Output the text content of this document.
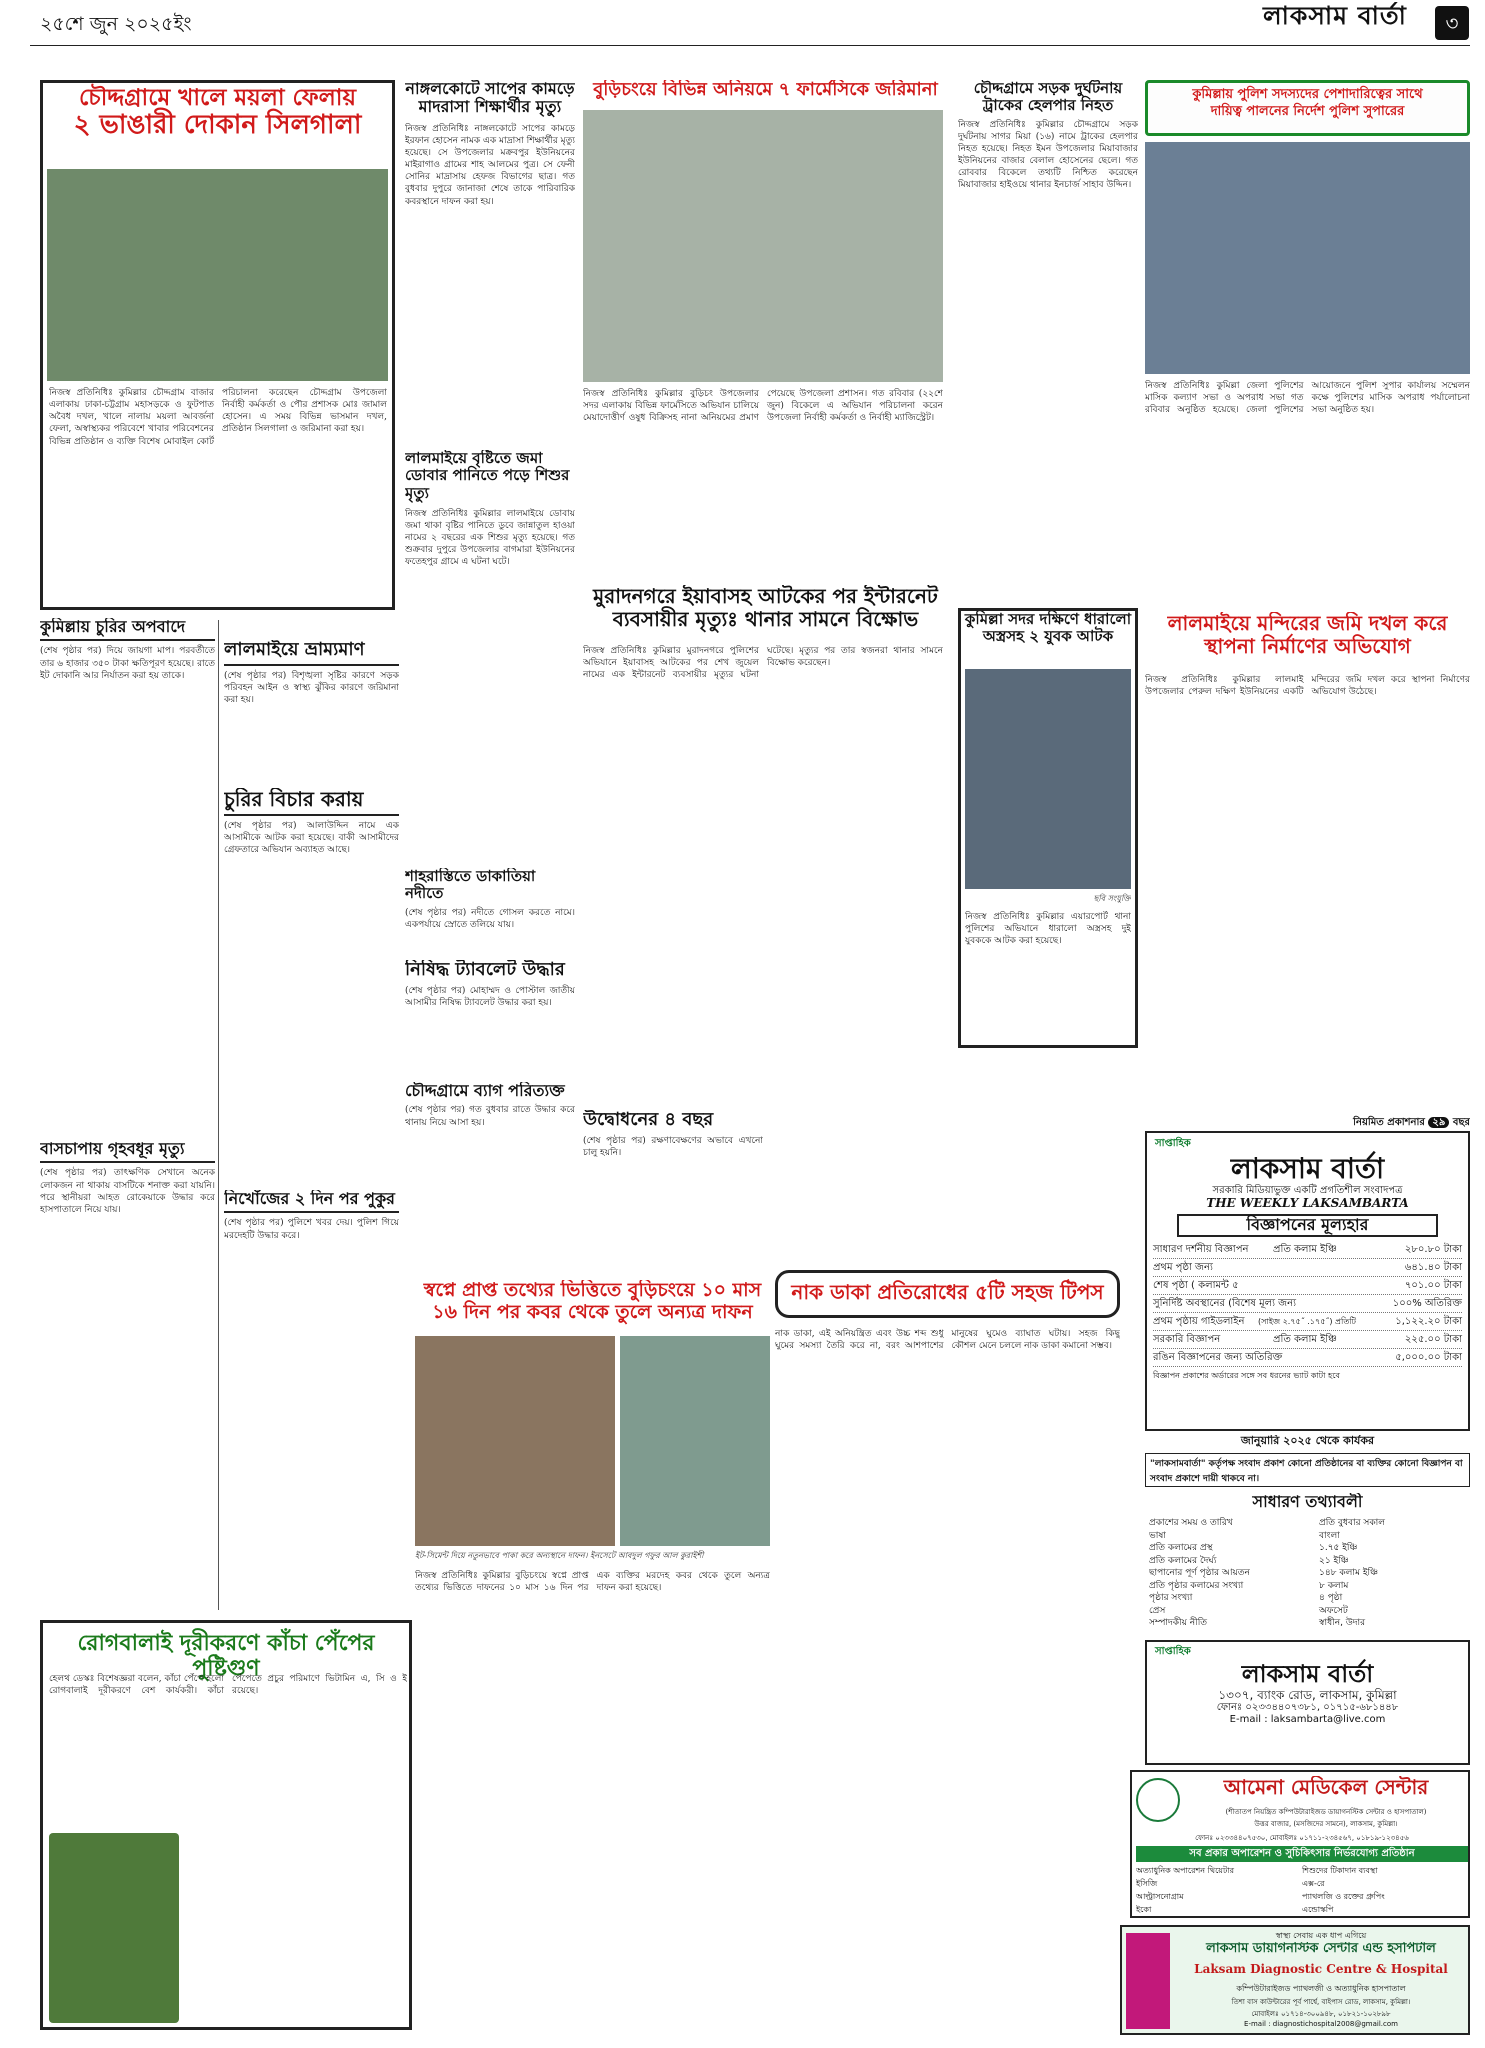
২৫শে জুন ২০২৫ইং	লাকসাম বার্তা	৩
চৌদ্দগ্রামে খালে ময়লা ফেলায়
২ ভাঙারী দোকান সিলগালা
নিজস্ব প্রতিনিধিঃ কুমিল্লার চৌদ্দগ্রাম বাজার এলাকায় ঢাকা-চট্টগ্রাম মহাসড়কে ও ফুটপাত অবৈধ দখল, খালে নালায় ময়লা আবর্জনা ফেলা, অস্বাস্থ্যকর পরিবেশে খাবার পরিবেশনের বিভিন্ন প্রতিষ্ঠান ও ব্যক্তি বিশেষ মোবাইল কোর্ট পরিচালনা করেছেন চৌদ্দগ্রাম উপজেলা নির্বাহী কর্মকর্তা ও পৌর প্রশাসক মোঃ জামাল হোসেন। এ সময় বিভিন্ন ভাসমান দখল, প্রতিষ্ঠান সিলগালা ও জরিমানা করা হয়।
কুমিল্লায় চুরির অপবাদে
(শেষ পৃষ্ঠার পর) দিয়ে জায়গা মাপ। পরবর্তীতে তার ৬ হাজার ৩৫০ টাকা ক্ষতিপূরণ হয়েছে। রাতে ইট দোকানি আর নির্যাতন করা হয় তাকে।
বাসচাপায় গৃহবধূর মৃত্যু
(শেষ পৃষ্ঠার পর) তাৎক্ষণিক সেখানে অনেক লোকজন না থাকায় বাসটিকে শনাক্ত করা যায়নি। পরে স্থানীয়রা আহত রোকেয়াকে উদ্ধার করে হাসপাতালে নিয়ে যায়।
লালমাইয়ে ভ্রাম্যমাণ
(শেষ পৃষ্ঠার পর) বিশৃঙ্খলা সৃষ্টির কারণে সড়ক পরিবহন আইন ও স্বাস্থ্য ঝুঁকির কারণে জরিমানা করা হয়।
চুরির বিচার করায়
(শেষ পৃষ্ঠার পর) আলাউদ্দিন নামে এক আসামীকে আটক করা হয়েছে। বাকী আসামীদের গ্রেফতারে অভিযান অব্যাহত আছে।
নিখোঁজের ২ দিন পর পুকুর
(শেষ পৃষ্ঠার পর) পুলিশে খবর দেয়। পুলিশ গিয়ে মরদেহটি উদ্ধার করে।
রোগবালাই দূরীকরণে কাঁচা পেঁপের পুষ্টিগুণ
হেলথ ডেস্কঃ বিশেষজ্ঞরা বলেন, কাঁচা পেঁপে হলো রোগবালাই দূরীকরণে বেশ কার্যকরী। কাঁচা পেঁপেতে প্রচুর পরিমাণে ভিটামিন এ, সি ও ই রয়েছে।
নাঙ্গলকোটে সাপের কামড়ে মাদরাসা শিক্ষার্থীর মৃত্যু
নিজস্ব প্রতিনিধিঃ নাঙ্গলকোটে সাপের কামড়ে ইরফান হোসেন নামক এক মাদ্রাসা শিক্ষার্থীর মৃত্যু হয়েছে। সে উপজেলার মক্রবপুর ইউনিয়নের মাইরাগাও গ্রামের শাহ আলমের পুত্র। সে ফেনী সোনির মাদ্রাসায় হেফজ বিভাগের ছাত্র। গত বুধবার দুপুরে জানাজা শেষে তাকে পারিবারিক কবরস্থানে দাফন করা হয়।
লালমাইয়ে বৃষ্টিতে জমা ডোবার পানিতে পড়ে শিশুর মৃত্যু
নিজস্ব প্রতিনিধিঃ কুমিল্লার লালমাইয়ে ডোবায় জমা থাকা বৃষ্টির পানিতে ডুবে জান্নাতুল হাওয়া নামের ২ বছরের এক শিশুর মৃত্যু হয়েছে। গত শুক্রবার দুপুরে উপজেলার বাগমারা ইউনিয়নের ফতেহপুর গ্রামে এ ঘটনা ঘটে।
শাহরাস্তিতে ডাকাতিয়া নদীতে
(শেষ পৃষ্ঠার পর) নদীতে গোসল করতে নামে। একপর্যায়ে স্রোতে তলিয়ে যায়।
নিষিদ্ধ ট্যাবলেট উদ্ধার
(শেষ পৃষ্ঠার পর) মোহাম্মদ ও পোস্টাল জাতীয় আসামীর নিষিদ্ধ ট্যাবলেট উদ্ধার করা হয়।
চৌদ্দগ্রামে ব্যাগ পরিত্যক্ত
(শেষ পৃষ্ঠার পর) গত বুধবার রাতে উদ্ধার করে থানায় নিয়ে আসা হয়।
বুড়িচংয়ে বিভিন্ন অনিয়মে ৭ ফার্মেসিকে জরিমানা
নিজস্ব প্রতিনিধিঃ কুমিল্লার বুড়িচং উপজেলার সদর এলাকায় বিভিন্ন ফার্মেসিতে অভিযান চালিয়ে মেয়াদোত্তীর্ণ ওষুধ বিক্রিসহ নানা অনিয়মের প্রমাণ পেয়েছে উপজেলা প্রশাসন। গত রবিবার (২২শে জুন) বিকেলে এ অভিযান পরিচালনা করেন উপজেলা নির্বাহী কর্মকর্তা ও নির্বাহী ম্যাজিস্ট্রেট।
মুরাদনগরে ইয়াবাসহ আটকের পর ইন্টারনেট ব্যবসায়ীর মৃত্যুঃ থানার সামনে বিক্ষোভ
নিজস্ব প্রতিনিধিঃ কুমিল্লার মুরাদনগরে পুলিশের অভিযানে ইয়াবাসহ আটকের পর শেখ জুয়েল নামের এক ইন্টারনেট ব্যবসায়ীর মৃত্যুর ঘটনা ঘটেছে। মৃত্যুর পর তার স্বজনরা থানার সামনে বিক্ষোভ করেছেন।
উদ্বোধনের ৪ বছর
(শেষ পৃষ্ঠার পর) রক্ষণাবেক্ষণের অভাবে এখনো চালু হয়নি।
স্বপ্নে প্রাপ্ত তথ্যের ভিত্তিতে বুড়িচংয়ে ১০ মাস
১৬ দিন পর কবর থেকে তুলে অন্যত্র দাফন
ইট-সিমেন্ট দিয়ে নতুনভাবে পাকা করে অন্যস্থানে দাফন। ইনসেটে আবদুল গফুর আল কুরাইশী
নিজস্ব প্রতিনিধিঃ কুমিল্লার বুড়িচংয়ে স্বপ্নে প্রাপ্ত তথ্যের ভিত্তিতে দাফনের ১০ মাস ১৬ দিন পর এক ব্যক্তির মরদেহ কবর থেকে তুলে অন্যত্র দাফন করা হয়েছে।
চৌদ্দগ্রামে সড়ক দুর্ঘটনায়
ট্রাকের হেলপার নিহত
নিজস্ব প্রতিনিধিঃ কুমিল্লার চৌদ্দগ্রামে সড়ক দুর্ঘটনায় সাগর মিয়া (১৬) নামে ট্রাকের হেলপার নিহত হয়েছে। নিহত ইমন উপজেলার মিয়াবাজার ইউনিয়নের বাজার বেলাল হোসেনের ছেলে। গত রোববার বিকেলে তথ্যটি নিশ্চিত করেছেন মিয়াবাজার হাইওয়ে থানার ইনচার্জ সাহাব উদ্দিন।
কুমিল্লা সদর দক্ষিণে ধারালো অস্ত্রসহ ২ যুবক আটক
ছবি সংযুক্তি
নিজস্ব প্রতিনিধিঃ কুমিল্লার এয়ারপোর্ট থানা পুলিশের অভিযানে ধারালো অস্ত্রসহ দুই যুবককে আটক করা হয়েছে।
নাক ডাকা প্রতিরোধের ৫টি সহজ টিপস
নাক ডাকা, এই অনিয়ন্ত্রিত এবং উচ্চ শব্দ শুধু ঘুমের সমস্যা তৈরি করে না, বরং আশপাশের মানুষের ঘুমেও ব্যাঘাত ঘটায়। সহজ কিছু কৌশল মেনে চললে নাক ডাকা কমানো সম্ভব।
কুমিল্লায় পুলিশ সদস্যদের পেশাদারিত্বের সাথে
দায়িত্ব পালনের নির্দেশ পুলিশ সুপারের
নিজস্ব প্রতিনিধিঃ কুমিল্লা জেলা পুলিশের মাসিক কল্যাণ সভা ও অপরাধ সভা গত রবিবার অনুষ্ঠিত হয়েছে। জেলা পুলিশের আয়োজনে পুলিশ সুপার কার্যালয় সম্মেলন কক্ষে পুলিশের মাসিক অপরাধ পর্যালোচনা সভা অনুষ্ঠিত হয়।
লালমাইয়ে মন্দিরের জমি দখল করে স্থাপনা নির্মাণের অভিযোগ
নিজস্ব প্রতিনিধিঃ কুমিল্লার লালমাই উপজেলার পেরুল দক্ষিণ ইউনিয়নের একটি মন্দিরের জমি দখল করে স্থাপনা নির্মাণের অভিযোগ উঠেছে।
নিয়মিত প্রকাশনার ২৯ বছর
সাপ্তাহিক
লাকসাম বার্তা
সরকারি মিডিয়াভুক্ত একটি প্রগতিশীল সংবাদপত্র
THE WEEKLY LAKSAMBARTA
বিজ্ঞাপনের মূল্যহার
সাধারণ দর্শনীয় বিজ্ঞাপন	প্রতি কলাম ইঞ্চি	২৮০.৮০ টাকা
প্রথম পৃষ্ঠা জন্য	৬৪১.৪০ টাকা
শেষ পৃষ্ঠা ( কলামন্ট ৫	৭০১.০০ টাকা
সুনির্দিষ্ট অবস্থানের (বিশেষ মূল্য জন্য	১০০% অতিরিক্ত
প্রথম পৃষ্ঠায় গাইডলাইন	(সাইজ ২.৭৫˝ .১৭৫˝) প্রতিটি	১,১২২.২০ টাকা
সরকারি বিজ্ঞাপন	প্রতি কলাম ইঞ্চি	২২৫.০০ টাকা
রঙিন বিজ্ঞাপনের জন্য অতিরিক্ত	৫,০০০.০০ টাকা
বিজ্ঞাপন প্রকাশের অর্ডারের সঙ্গে সব ধরনের ভ্যাট কাটা হবে
জানুয়ারি ২০২৫ থেকে কার্যকর
"লাকসামবার্তা" কর্তৃপক্ষ সংবাদ প্রকাশ কোনো প্রতিষ্ঠানের বা ব্যক্তির কোনো বিজ্ঞাপন বা সংবাদ প্রকাশে দায়ী থাকবে না।
সাধারণ তথ্যাবলী
প্রকাশের সময় ও তারিখ	প্রতি বুধবার সকাল
ভাষা	বাংলা
প্রতি কলামের প্রস্থ	১.৭৫ ইঞ্চি
প্রতি কলামের দৈর্ঘ্য	২১ ইঞ্চি
ছাপানোর পূর্ণ পৃষ্ঠার আয়তন	১৪৮ কলাম ইঞ্চি
প্রতি পৃষ্ঠার কলামের সংখ্যা	৮ কলাম
পৃষ্ঠার সংখ্যা	৪ পৃষ্ঠা
প্রেস	অফসেট
সম্পাদকীয় নীতি	স্বাধীন, উদার
সাপ্তাহিক
লাকসাম বার্তা
১৩০৭, ব্যাংক রোড, লাকসাম, কুমিল্লা
ফোনঃ ০২৩৩৪৪০৭৩৮১, ০১৭১৫-৬৮১৪৪৮
E-mail : laksambarta@live.com
আমেনা মেডিকেল সেন্টার
(শীতাতপ নিয়ন্ত্রিত কম্পিউটারাইজড ডায়াগনস্টিক সেন্টার ও হাসপাতাল)
উত্তর বাজার, (মসজিদের সামনে), লাকসাম, কুমিল্লা।
ফোনঃ ০২৩৩৪৪০৭৫৩০, মোবাইলঃ ০১৭১১-২৩৪৫৬৭, ০১৮১৯-১২৩৪৫৬
সব প্রকার অপারেশন ও সুচিকিৎসার নির্ভরযোগ্য প্রতিষ্ঠান
অত্যাধুনিক অপারেশন থিয়েটার	শিশুদের টিকাদান ব্যবস্থা
ইসিজি	এক্স-রে
আল্ট্রাসনোগ্রাম	প্যাথলজি ও রক্তের গ্রুপিং
ইকো	এন্ডোস্কপি
স্বাস্থ্য সেবায় এক ধাপ এগিয়ে
লাকসাম ডায়াগনস্টিক সেন্টার এন্ড হসপিটাল
Laksam Diagnostic Centre & Hospital
কম্পিউটারাইজড প্যাথলজী ও অত্যাধুনিক হাসপাতাল
তিশা বাস কাউন্টারের পূর্ব পার্শ্বে, বাইপাস রোড, লাকসাম, কুমিল্লা।
মোবাইলঃ ০১৭১৪-৩০০৯৪৮, ০১৮২১-১০২৮৯৮
E-mail : diagnostichospital2008@gmail.com
